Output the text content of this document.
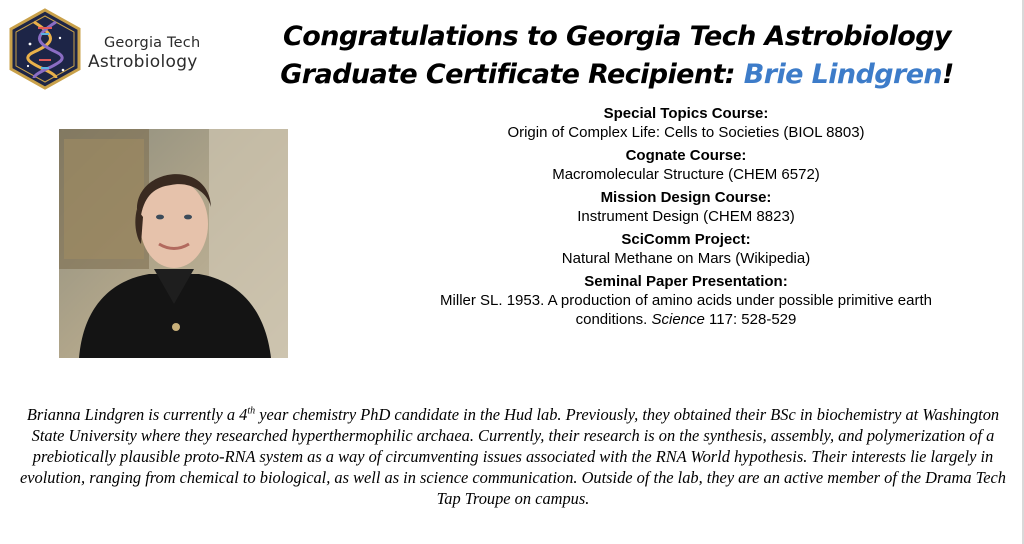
Georgia Tech
Astrobiology
Congratulations to Georgia Tech Astrobiology
Graduate Certificate Recipient: Brie Lindgren!
Special Topics Course:
Origin of Complex Life: Cells to Societies (BIOL 8803)
Cognate Course:
Macromolecular Structure (CHEM 6572)
Mission Design Course:
Instrument Design (CHEM 8823)
SciComm Project:
Natural Methane on Mars (Wikipedia)
Seminal Paper Presentation:
Miller SL. 1953. A production of amino acids under possible primitive earth
conditions. Science 117: 528-529
Brianna Lindgren is currently a 4th year chemistry PhD candidate in the Hud lab. Previously, they obtained their BSc in biochemistry at Washington State University where they researched hyperthermophilic archaea. Currently, their research is on the synthesis, assembly, and polymerization of a prebiotically plausible proto-RNA system as a way of circumventing issues associated with the RNA World hypothesis. Their interests lie largely in evolution, ranging from chemical to biological, as well as in science communication. Outside of the lab, they are an active member of the Drama Tech Tap Troupe on campus.
